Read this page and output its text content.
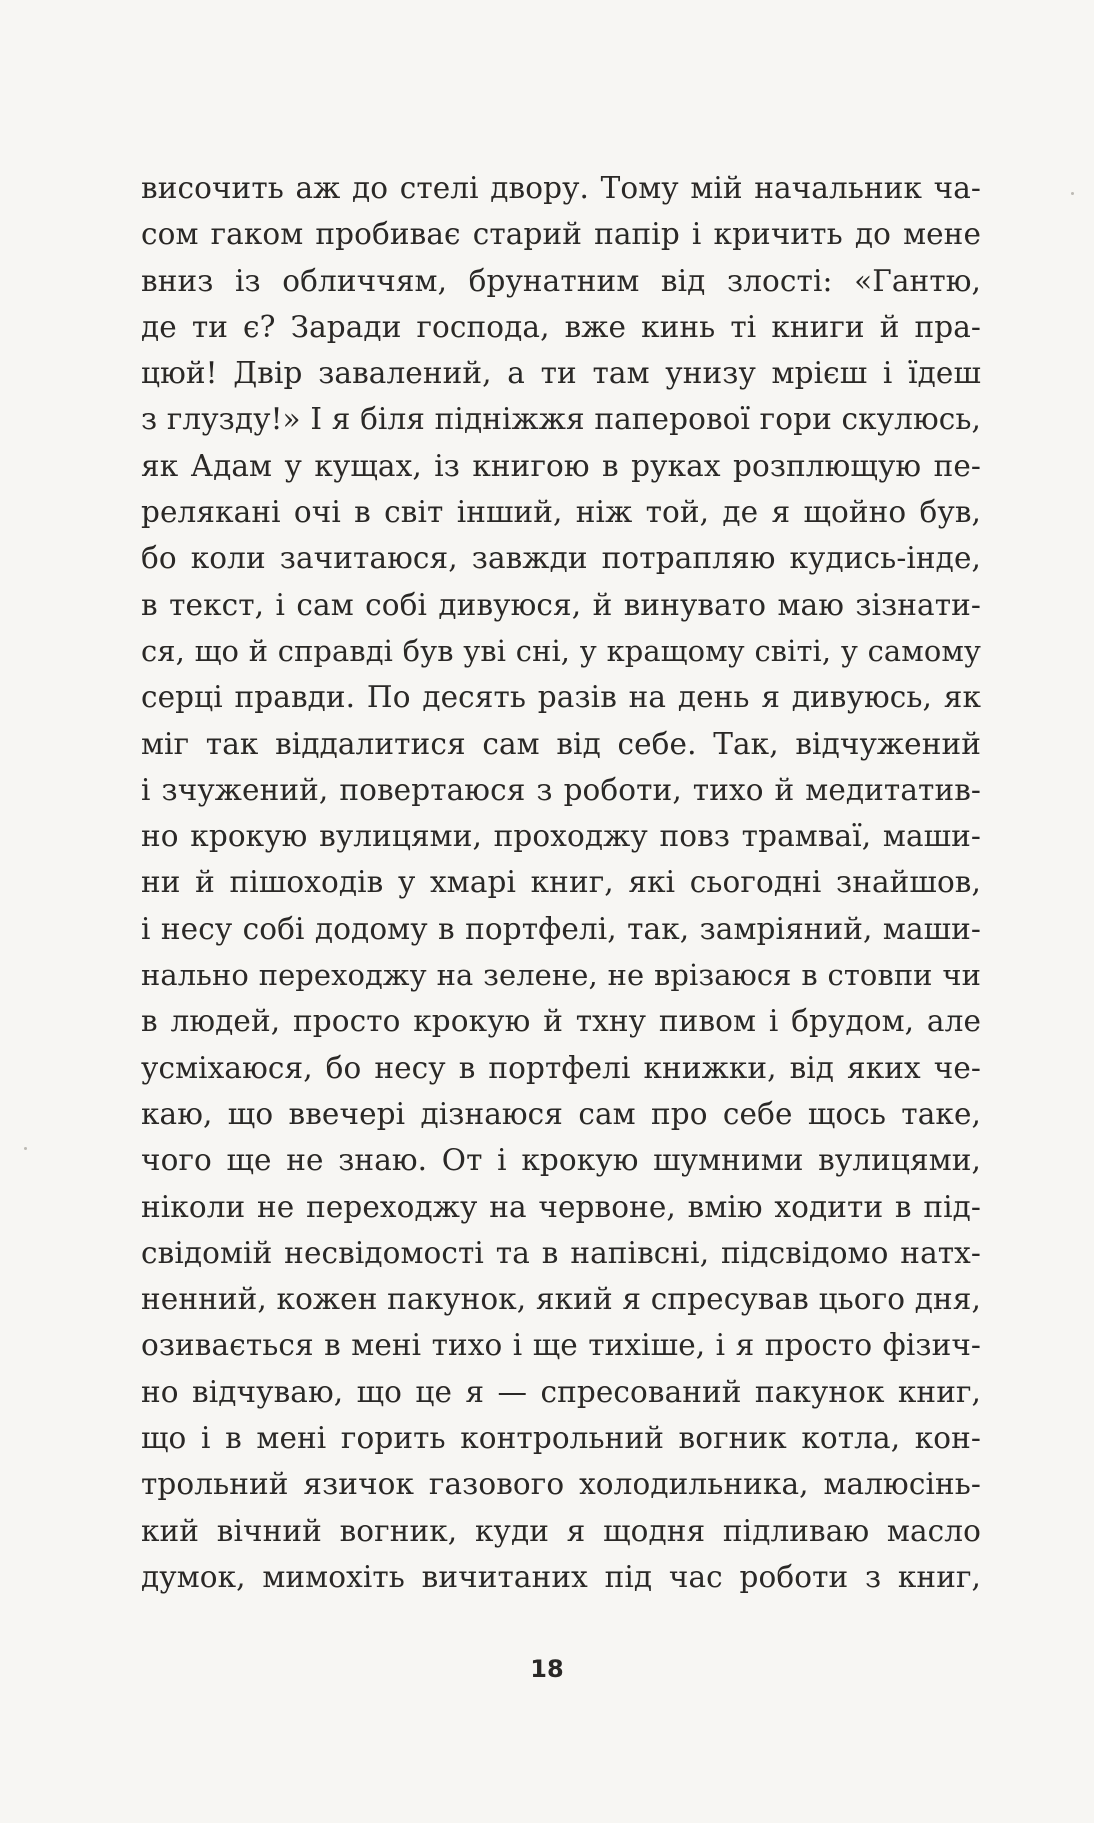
височить аж до стелі двору. Тому мій начальник ча-
сом гаком пробиває старий папір і кричить до мене
вниз із обличчям, брунатним від злості: «Гантю,
де ти є? Заради господа, вже кинь ті книги й пра-
цюй! Двір завалений, а ти там унизу мрієш і їдеш
з глузду!» І я біля підніжжя паперової гори скулюсь,
як Адам у кущах, із книгою в руках розплющую пе-
релякані очі в світ інший, ніж той, де я щойно був,
бо коли зачитаюся, завжди потрапляю кудись-інде,
в текст, і сам собі дивуюся, й винувато маю зізнати-
ся, що й справді був уві сні, у кращому світі, у самому
серці правди. По десять разів на день я дивуюсь, як
міг так віддалитися сам від себе. Так, відчужений
і зчужений, повертаюся з роботи, тихо й медитатив-
но крокую вулицями, проходжу повз трамваї, маши-
ни й пішоходів у хмарі книг, які сьогодні знайшов,
і несу собі додому в портфелі, так, замріяний, маши-
нально переходжу на зелене, не врізаюся в стовпи чи
в людей, просто крокую й тхну пивом і брудом, але
усміхаюся, бо несу в портфелі книжки, від яких че-
каю, що ввечері дізнаюся сам про себе щось таке,
чого ще не знаю. От і крокую шумними вулицями,
ніколи не переходжу на червоне, вмію ходити в під-
свідомій несвідомості та в напівсні, підсвідомо натх-
ненний, кожен пакунок, який я спресував цього дня,
озивається в мені тихо і ще тихіше, і я просто фізич-
но відчуваю, що це я — спресований пакунок книг,
що і в мені горить контрольний вогник котла, кон-
трольний язичок газового холодильника, малюсінь-
кий вічний вогник, куди я щодня підливаю масло
думок, мимохіть вичитаних під час роботи з книг,
18
